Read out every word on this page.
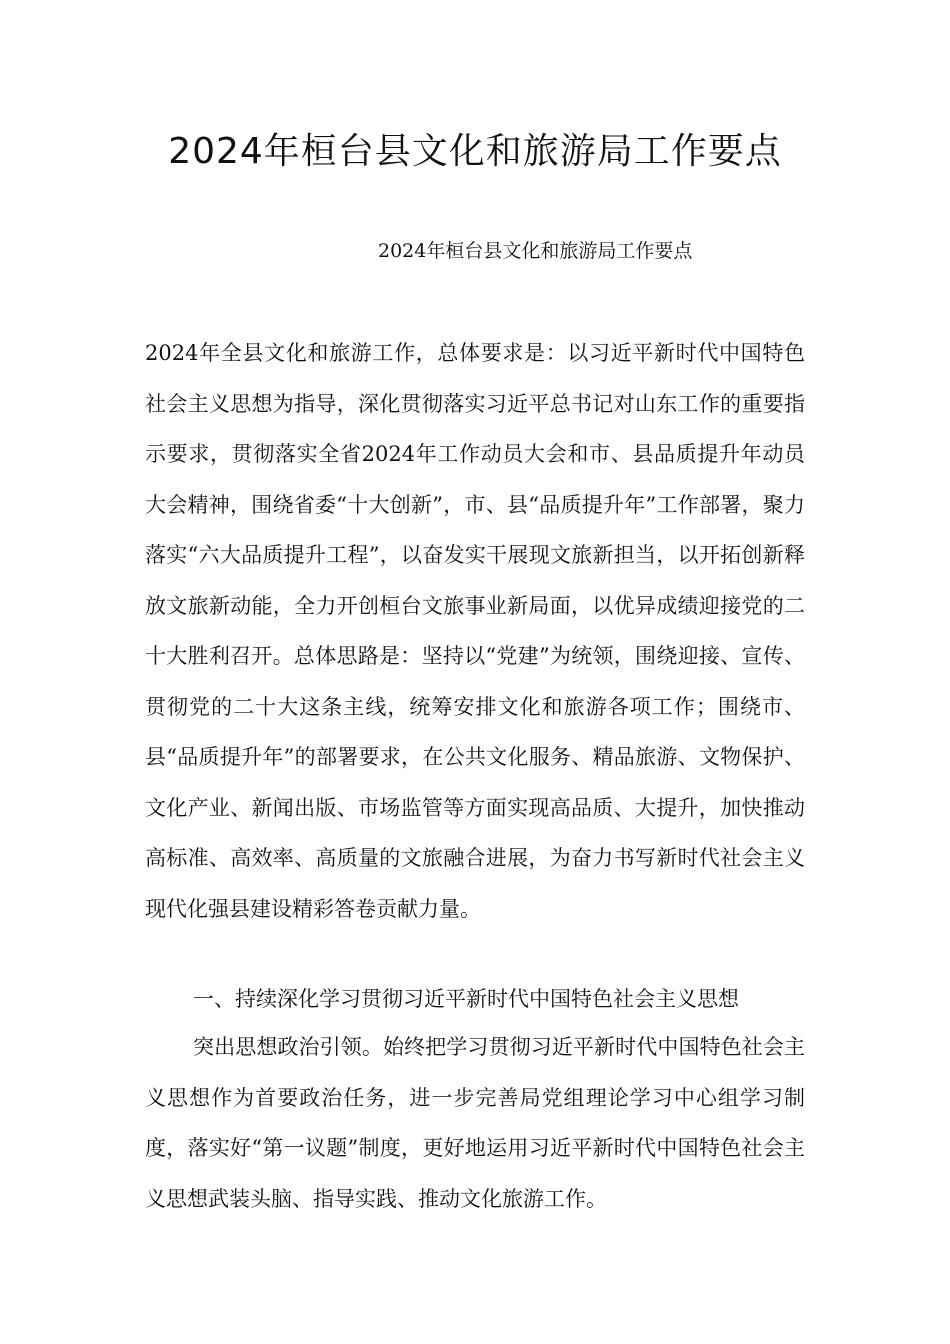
2024年桓台县文化和旅游局工作要点

2024年桓台县文化和旅游局工作要点

2024年全县文化和旅游工作，总体要求是：以习近平新时代中国特色社会主义思想为指导，深化贯彻落实习近平总书记对山东工作的重要指示要求，贯彻落实全省2024年工作动员大会和市、县品质提升年动员大会精神，围绕省委“十大创新”，市、县“品质提升年”工作部署，聚力落实“六大品质提升工程”，以奋发实干展现文旅新担当，以开拓创新释放文旅新动能，全力开创桓台文旅事业新局面，以优异成绩迎接党的二十大胜利召开。总体思路是：坚持以“党建”为统领，围绕迎接、宣传、贯彻党的二十大这条主线，统筹安排文化和旅游各项工作；围绕市、县“品质提升年”的部署要求，在公共文化服务、精品旅游、文物保护、文化产业、新闻出版、市场监管等方面实现高品质、大提升，加快推动高标准、高效率、高质量的文旅融合进展，为奋力书写新时代社会主义现代化强县建设精彩答卷贡献力量。

一、持续深化学习贯彻习近平新时代中国特色社会主义思想

突出思想政治引领。始终把学习贯彻习近平新时代中国特色社会主义思想作为首要政治任务，进一步完善局党组理论学习中心组学习制度，落实好“第一议题”制度，更好地运用习近平新时代中国特色社会主义思想武装头脑、指导实践、推动文化旅游工作。
